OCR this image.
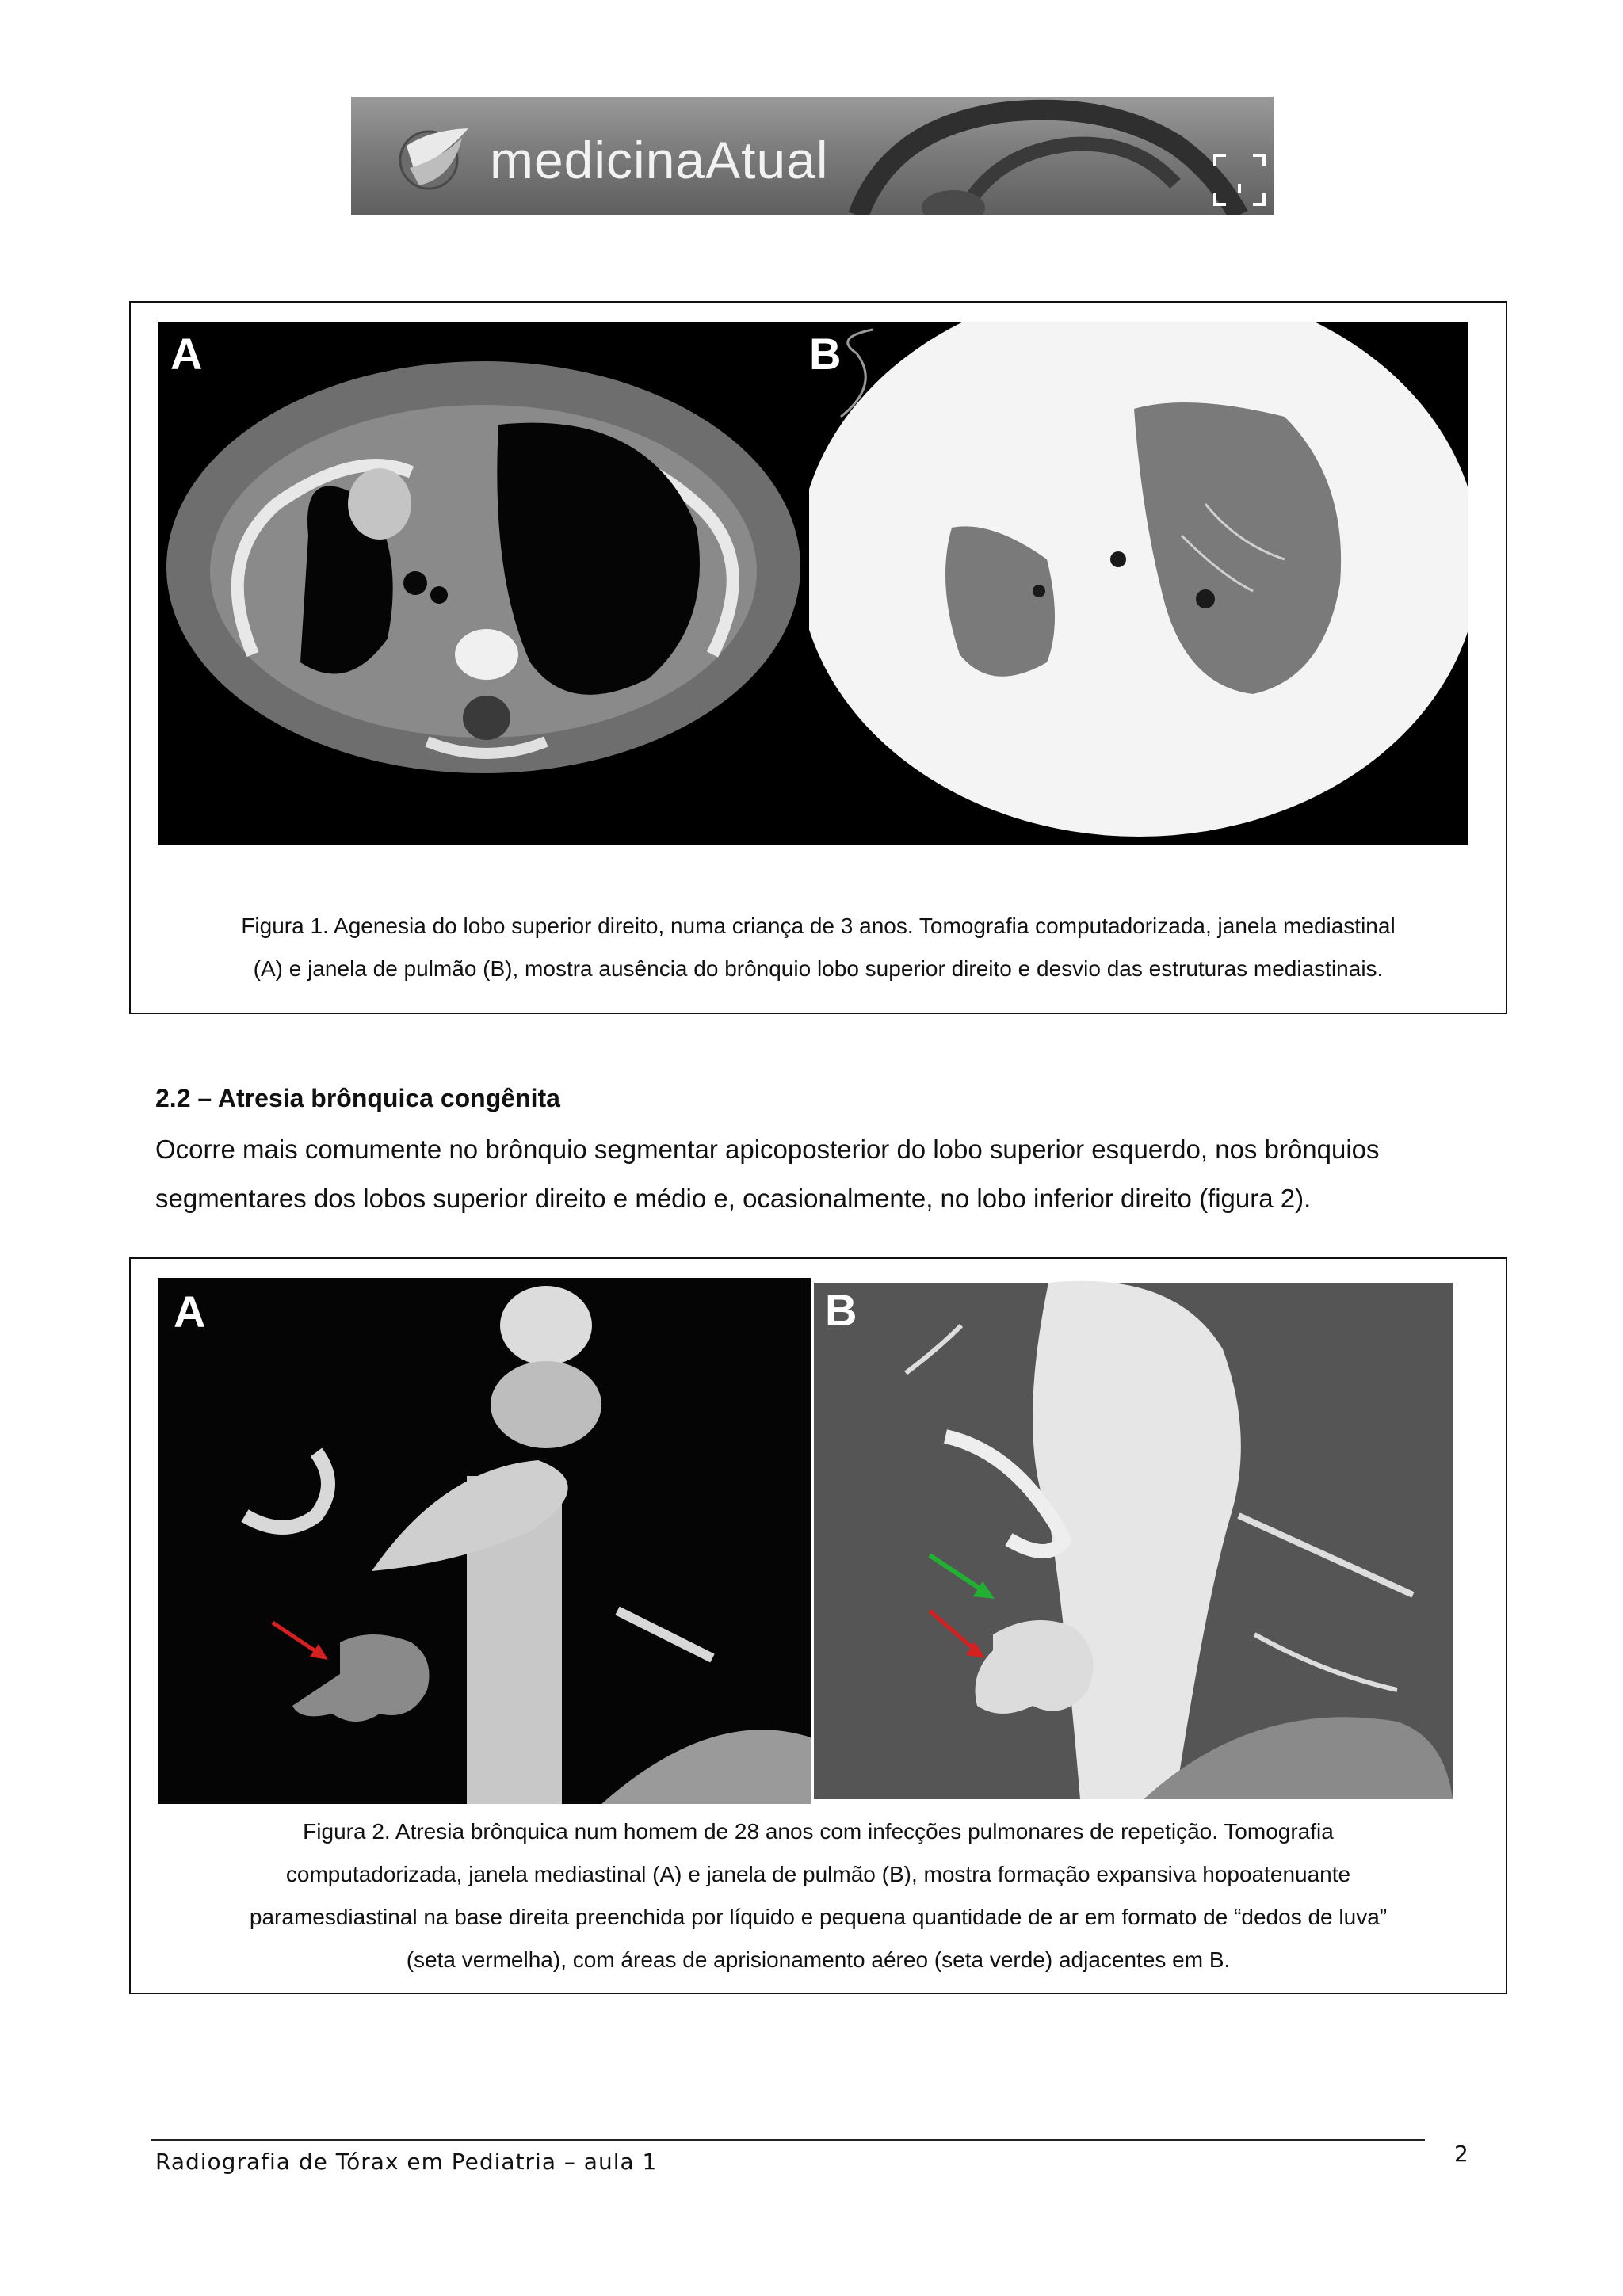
medicinaAtual
A	B
Figura 1. Agenesia do lobo superior direito, numa criança de 3 anos. Tomografia computadorizada, janela mediastinal
(A) e janela de pulmão (B), mostra ausência do brônquio lobo superior direito e desvio das estruturas mediastinais.
2.2 – Atresia brônquica congênita
Ocorre mais comumente no brônquio segmentar apicoposterior do lobo superior esquerdo, nos brônquios
segmentares dos lobos superior direito e médio e, ocasionalmente, no lobo inferior direito (figura 2).
A	B
Figura 2. Atresia brônquica num homem de 28 anos com infecções pulmonares de repetição. Tomografia
computadorizada, janela mediastinal (A) e janela de pulmão (B), mostra formação expansiva hopoatenuante
paramesdiastinal na base direita preenchida por líquido e pequena quantidade de ar em formato de “dedos de luva”
(seta vermelha), com áreas de aprisionamento aéreo (seta verde) adjacentes em B.
Radiografia de Tórax em Pediatria – aula 1	2
